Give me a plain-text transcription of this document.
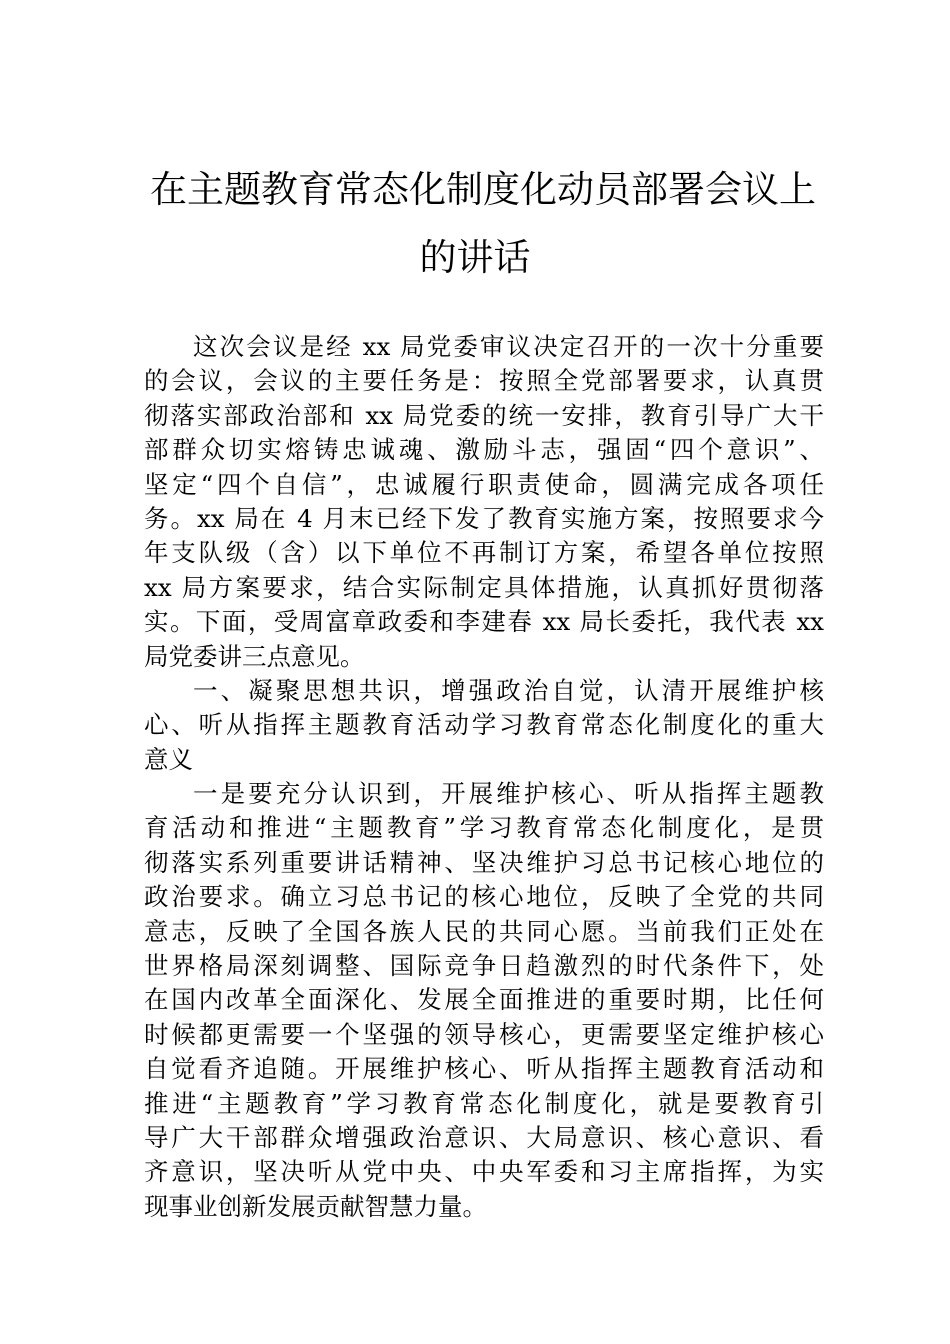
在主题教育常态化制度化动员部署会议上
的讲话
这次会议是经 xx 局党委审议决定召开的一次十分重要
的会议，会议的主要任务是：按照全党部署要求，认真贯
彻落实部政治部和 xx 局党委的统一安排，教育引导广大干
部群众切实熔铸忠诚魂、激励斗志，强固“四个意识”、
坚定“四个自信”，忠诚履行职责使命，圆满完成各项任
务。xx 局在 4 月末已经下发了教育实施方案，按照要求今
年支队级（含）以下单位不再制订方案，希望各单位按照
xx 局方案要求，结合实际制定具体措施，认真抓好贯彻落
实。下面，受周富章政委和李建春 xx 局长委托，我代表 xx
局党委讲三点意见。
一、凝聚思想共识，增强政治自觉，认清开展维护核
心、听从指挥主题教育活动学习教育常态化制度化的重大
意义
一是要充分认识到，开展维护核心、听从指挥主题教
育活动和推进“主题教育”学习教育常态化制度化，是贯
彻落实系列重要讲话精神、坚决维护习总书记核心地位的
政治要求。确立习总书记的核心地位，反映了全党的共同
意志，反映了全国各族人民的共同心愿。当前我们正处在
世界格局深刻调整、国际竞争日趋激烈的时代条件下，处
在国内改革全面深化、发展全面推进的重要时期，比任何
时候都更需要一个坚强的领导核心，更需要坚定维护核心
自觉看齐追随。开展维护核心、听从指挥主题教育活动和
推进“主题教育”学习教育常态化制度化，就是要教育引
导广大干部群众增强政治意识、大局意识、核心意识、看
齐意识，坚决听从党中央、中央军委和习主席指挥，为实
现事业创新发展贡献智慧力量。
